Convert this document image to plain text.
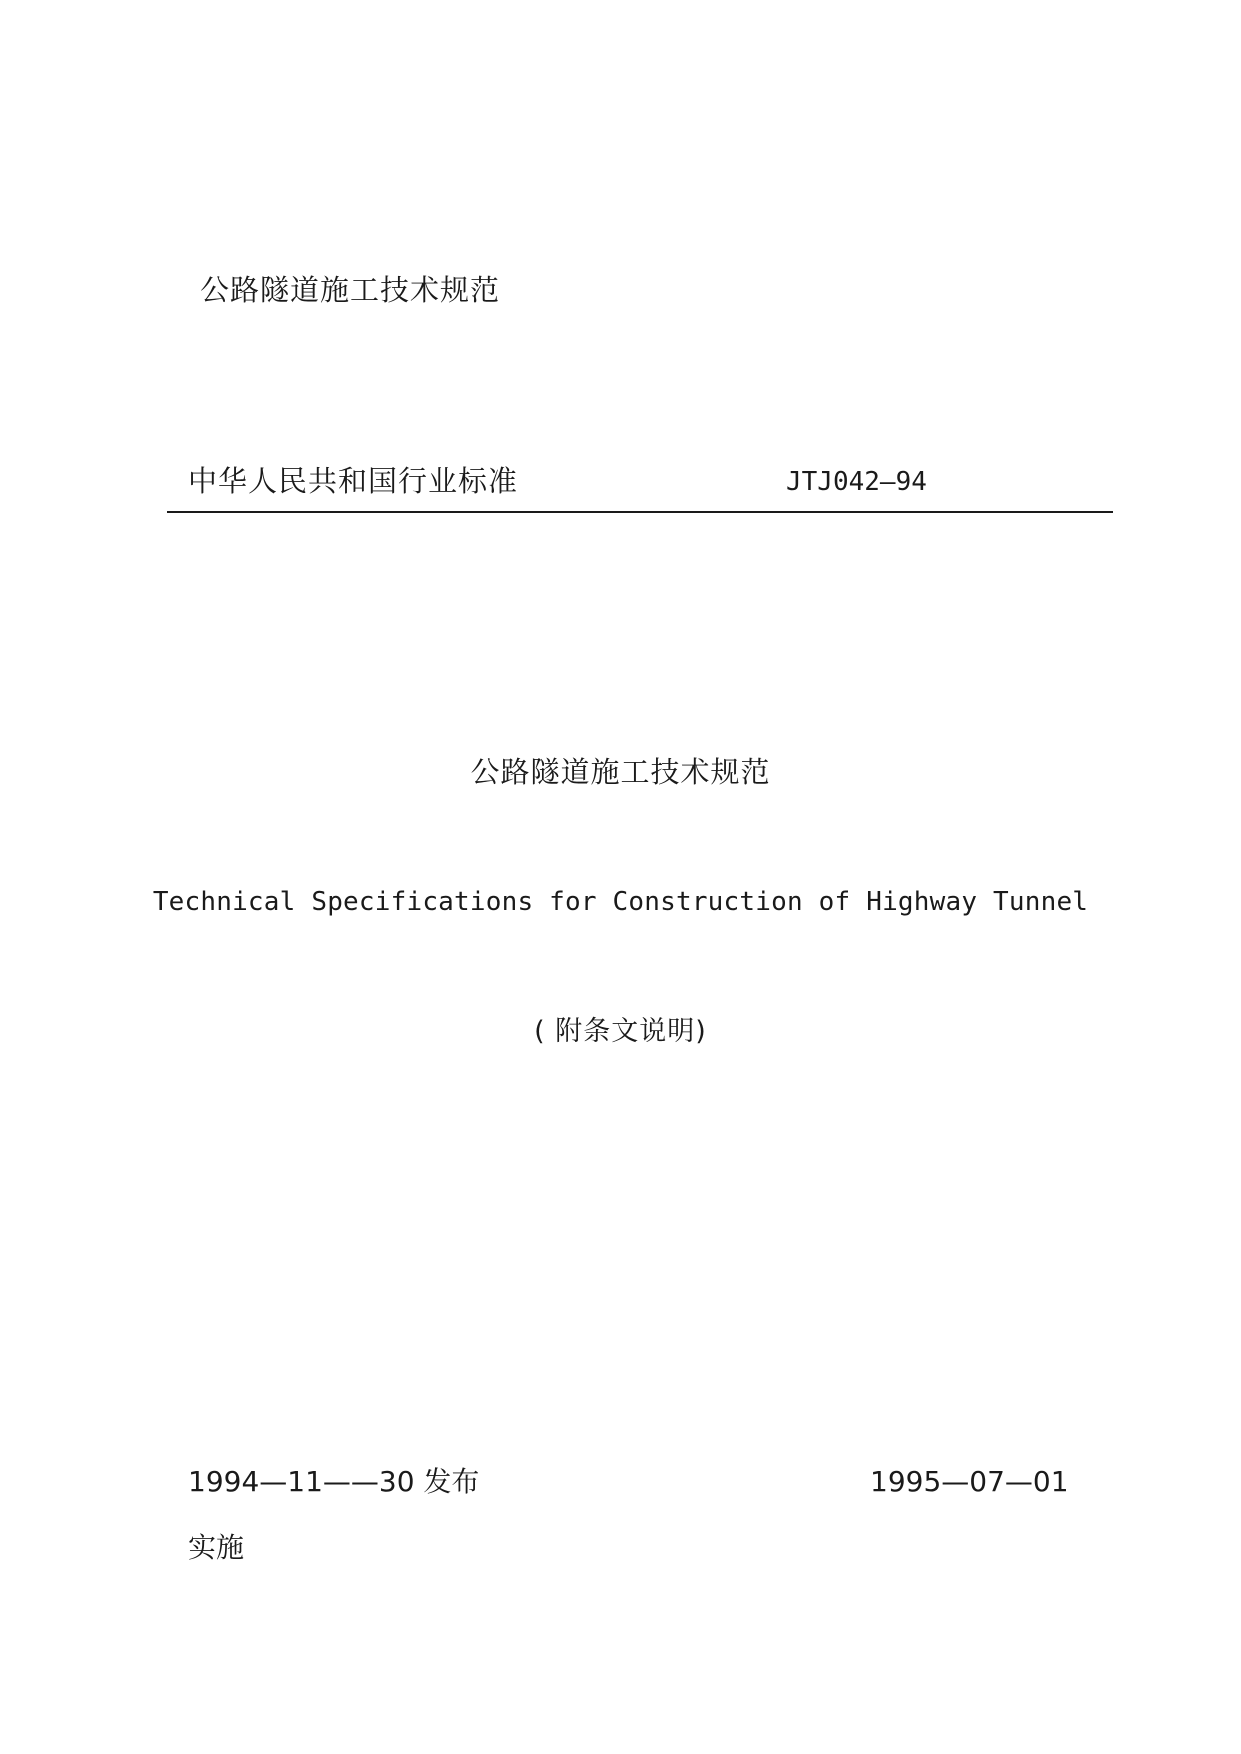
公路隧道施工技术规范
中华人民共和国行业标准	JTJ042—94
公路隧道施工技术规范
Technical Specifications for Construction of Highway Tunnel
( 附条文说明)
1994—11——30 发布	1995—07—01
实施
